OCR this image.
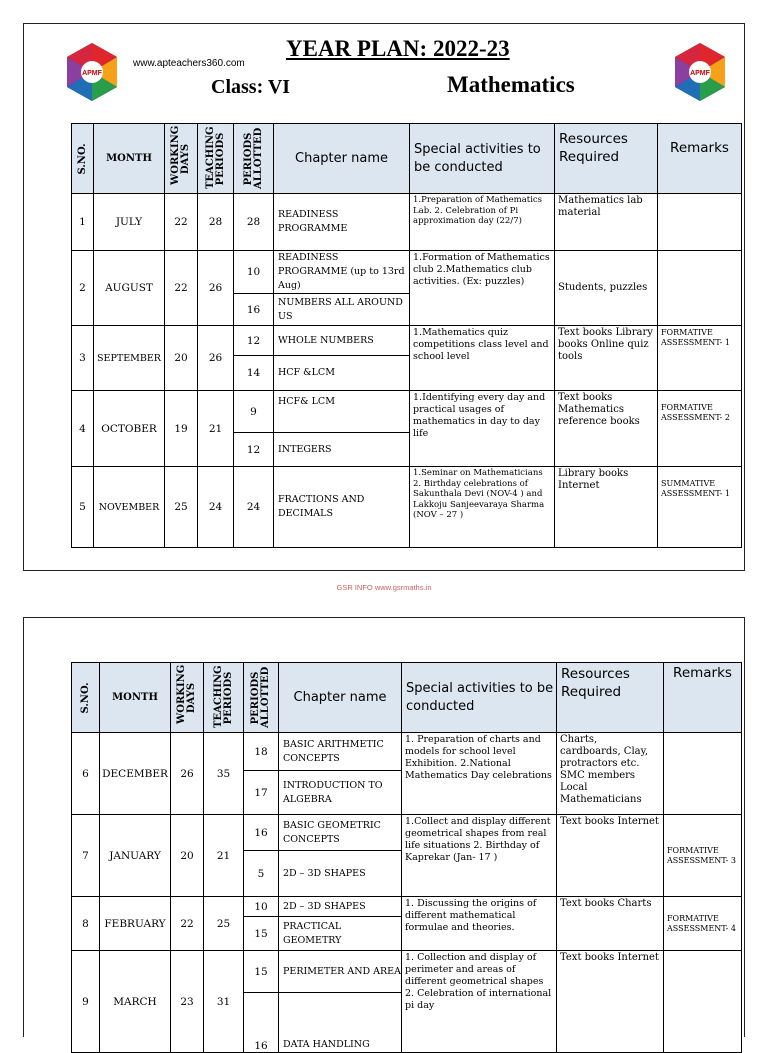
APMF	APMF
www.apteachers360.com
YEAR PLAN: 2022-23
Class: VI	Mathematics
S.NO.	MONTH	WORKING DAYS	TEACHING PERIODS	PERIODS ALLOTTED	Chapter name	Special activities to be conducted	Resources Required	Remarks
1	JULY	22	28	28	READINESS PROGRAMME	1.Preparation of Mathematics Lab. 2. Celebration of Pi approximation day (22/7)	Mathematics lab material	
2	AUGUST	22	26	10	READINESS PROGRAMME (up to 13rd Aug)	1.Formation of Mathematics club 2.Mathematics club activities. (Ex: puzzles)	Students, puzzles	
				16	NUMBERS ALL AROUND US			
3	SEPTEMBER	20	26	12	WHOLE NUMBERS	1.Mathematics quiz competitions class level and school level	Text books Library books Online quiz tools	FORMATIVE ASSESSMENT- 1
				14	HCF &LCM			
4	OCTOBER	19	21	9	HCF& LCM	1.Identifying every day and practical usages of mathematics in day to day life	Text books Mathematics reference books	FORMATIVE ASSESSMENT- 2
				12	INTEGERS			
5	NOVEMBER	25	24	24	FRACTIONS AND DECIMALS	1.Seminar on Mathematicians 2. Birthday celebrations of Sakunthala Devi (NOV-4 ) and Lakkoju Sanjeevaraya Sharma (NOV – 27 )	Library books Internet	SUMMATIVE ASSESSMENT- 1
GSR INFO www.gsrmaths.in
S.NO.	MONTH	WORKING DAYS	TEACHING PERIODS	PERIODS ALLOTTED	Chapter name	Special activities to be conducted	Resources Required	Remarks
6	DECEMBER	26	35	18	BASIC ARITHMETIC CONCEPTS	1. Preparation of charts and models for school level Exhibition. 2.National Mathematics Day celebrations	Charts, cardboards, Clay, protractors etc. SMC members Local Mathematicians	
				17	INTRODUCTION TO ALGEBRA			
7	JANUARY	20	21	16	BASIC GEOMETRIC CONCEPTS	1.Collect and display different geometrical shapes from real life situations 2. Birthday of Kaprekar (Jan- 17 )	Text books Internet	FORMATIVE ASSESSMENT- 3
				5	2D – 3D SHAPES			
8	FEBRUARY	22	25	10	2D – 3D SHAPES	1. Discussing the origins of different mathematical formulae and theories.	Text books Charts	FORMATIVE ASSESSMENT- 4
				15	PRACTICAL GEOMETRY			
9	MARCH	23	31	15	PERIMETER AND AREA	1. Collection and display of perimeter and areas of different geometrical shapes 2. Celebration of international pi day	Text books Internet	
				16	DATA HANDLING			
